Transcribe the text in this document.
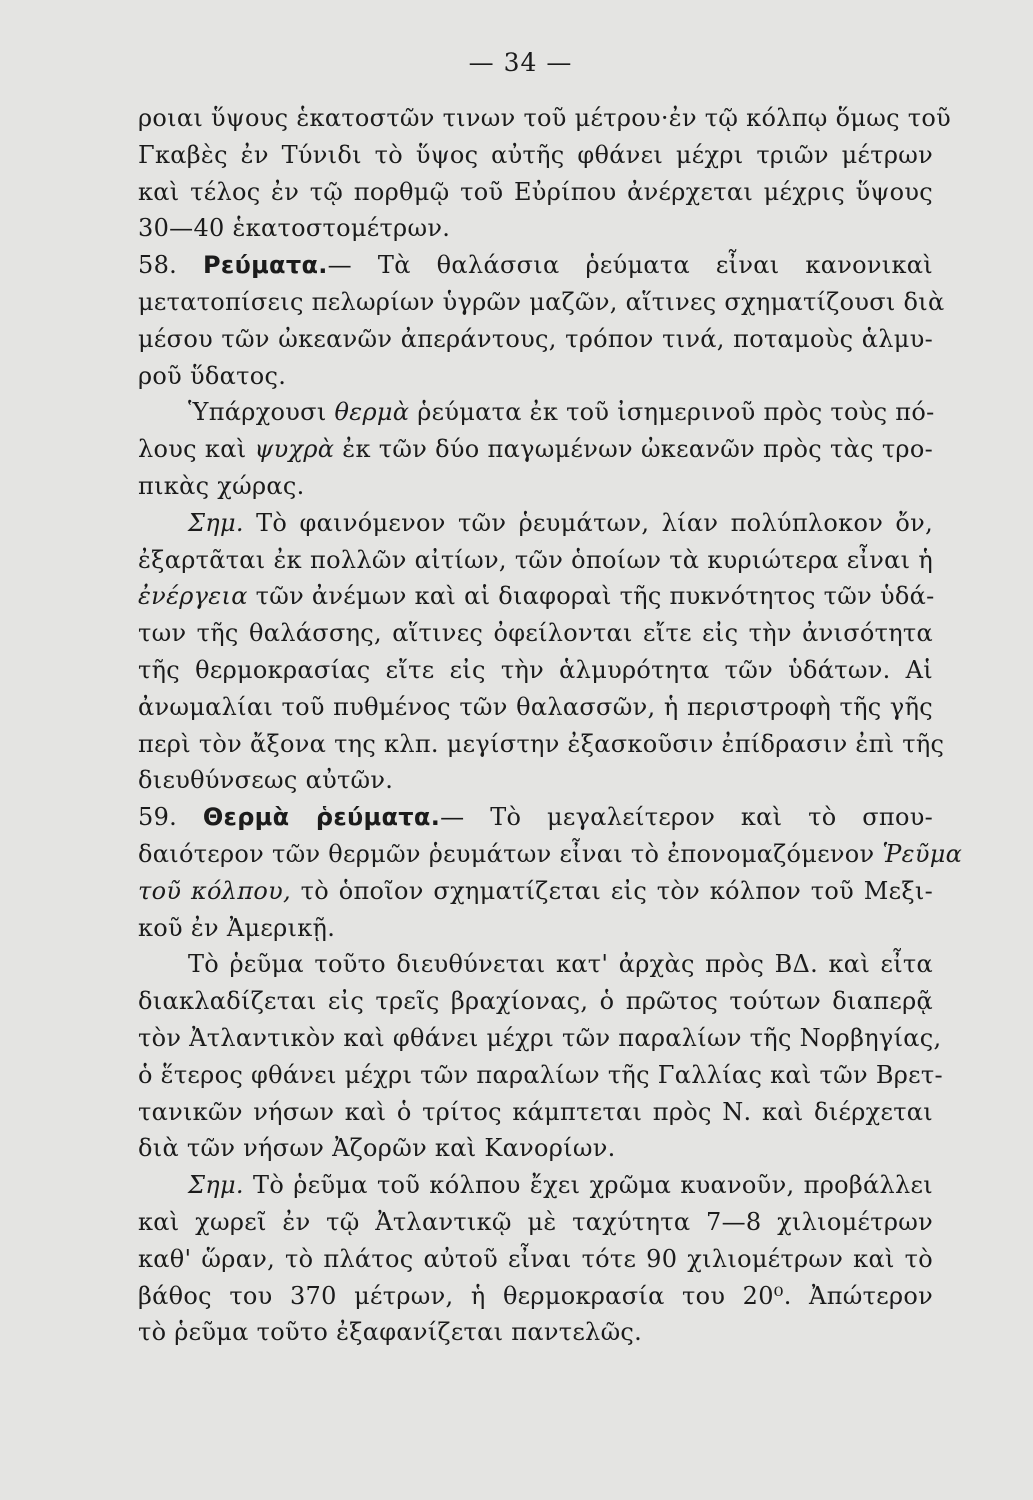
— 34 —
ροιαι ὕψους ἑκατοστῶν τινων τοῦ μέτρου·ἐν τῷ κόλπῳ ὅμως τοῦ
Γκαβὲς ἐν Τύνιδι τὸ ὕψος αὐτῆς φθάνει μέχρι τριῶν μέτρων
καὶ τέλος ἐν τῷ πορθμῷ τοῦ Εὐρίπου ἀνέρχεται μέχρις ὕψους
30—40 ἑκατοστομέτρων.
58. Ρεύματα.— Τὰ θαλάσσια ῥεύματα εἶναι κανονικαὶ
μετατοπίσεις πελωρίων ὑγρῶν μαζῶν, αἵτινες σχηματίζουσι διὰ
μέσου τῶν ὠκεανῶν ἀπεράντους, τρόπον τινά, ποταμοὺς ἁλμυ-
ροῦ ὕδατος.
Ὑπάρχουσι θερμὰ ῥεύματα ἐκ τοῦ ἰσημερινοῦ πρὸς τοὺς πό-
λους καὶ ψυχρὰ ἐκ τῶν δύο παγωμένων ὠκεανῶν πρὸς τὰς τρο-
πικὰς χώρας.
Σημ. Τὸ φαινόμενον τῶν ῥευμάτων, λίαν πολύπλοκον ὄν,
ἐξαρτᾶται ἐκ πολλῶν αἰτίων, τῶν ὁποίων τὰ κυριώτερα εἶναι ἡ
ἐνέργεια τῶν ἀνέμων καὶ αἱ διαφοραὶ τῆς πυκνότητος τῶν ὑδά-
των τῆς θαλάσσης, αἵτινες ὀφείλονται εἴτε εἰς τὴν ἀνισότητα
τῆς θερμοκρασίας εἴτε εἰς τὴν ἁλμυρότητα τῶν ὑδάτων. Αἱ
ἀνωμαλίαι τοῦ πυθμένος τῶν θαλασσῶν, ἡ περιστροφὴ τῆς γῆς
περὶ τὸν ἄξονα της κλπ. μεγίστην ἐξασκοῦσιν ἐπίδρασιν ἐπὶ τῆς
διευθύνσεως αὐτῶν.
59. Θερμὰ ῥεύματα.— Τὸ μεγαλείτερον καὶ τὸ σπου-
δαιότερον τῶν θερμῶν ῥευμάτων εἶναι τὸ ἐπονομαζόμενον Ῥεῦμα
τοῦ κόλπου, τὸ ὁποῖον σχηματίζεται εἰς τὸν κόλπον τοῦ Μεξι-
κοῦ ἐν Ἀμερικῇ.
Τὸ ῥεῦμα τοῦτο διευθύνεται κατ' ἀρχὰς πρὸς ΒΔ. καὶ εἶτα
διακλαδίζεται εἰς τρεῖς βραχίονας, ὁ πρῶτος τούτων διαπερᾷ
τὸν Ἀτλαντικὸν καὶ φθάνει μέχρι τῶν παραλίων τῆς Νορβηγίας,
ὁ ἕτερος φθάνει μέχρι τῶν παραλίων τῆς Γαλλίας καὶ τῶν Βρετ-
τανικῶν νήσων καὶ ὁ τρίτος κάμπτεται πρὸς Ν. καὶ διέρχεται
διὰ τῶν νήσων Ἀζορῶν καὶ Κανορίων.
Σημ. Τὸ ῥεῦμα τοῦ κόλπου ἔχει χρῶμα κυανοῦν, προβάλλει
καὶ χωρεῖ ἐν τῷ Ἀτλαντικῷ μὲ ταχύτητα 7—8 χιλιομέτρων
καθ' ὥραν, τὸ πλάτος αὐτοῦ εἶναι τότε 90 χιλιομέτρων καὶ τὸ
βάθος του 370 μέτρων, ἡ θερμοκρασία του 20⁰. Ἀπώτερον
τὸ ῥεῦμα τοῦτο ἐξαφανίζεται παντελῶς.
